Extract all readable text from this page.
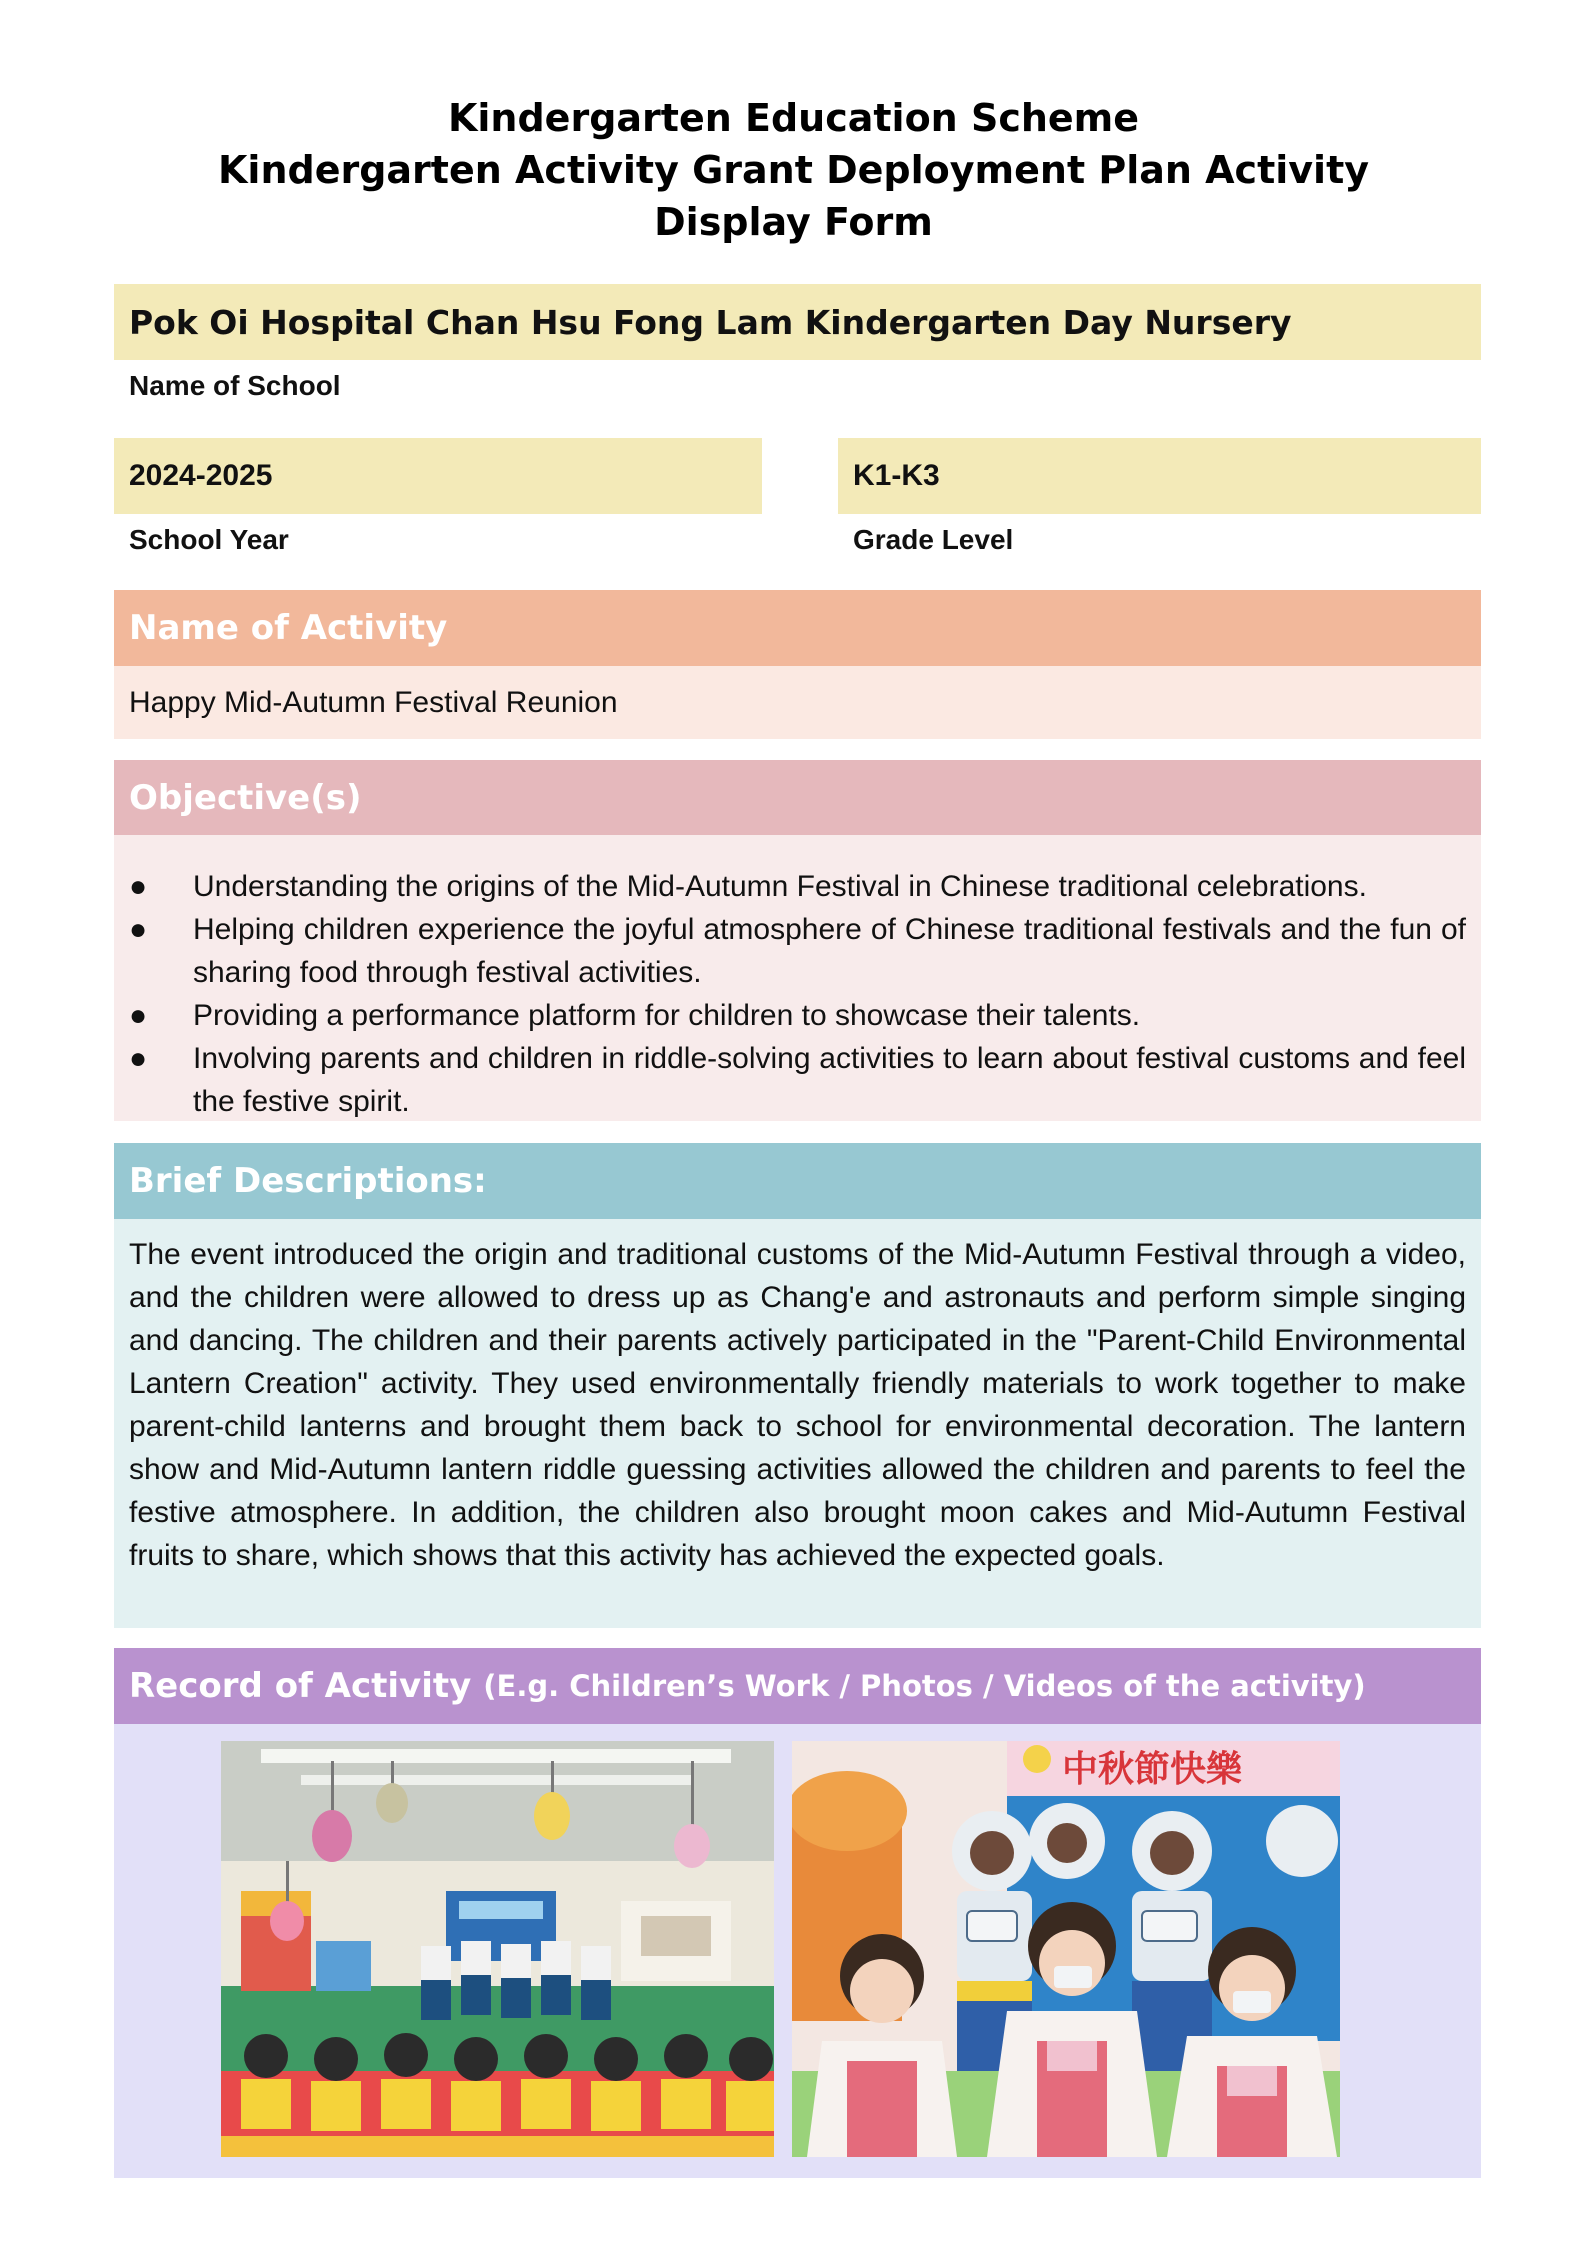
Kindergarten Education Scheme
Kindergarten Activity Grant Deployment Plan Activity
Display Form
Pok Oi Hospital Chan Hsu Fong Lam Kindergarten Day Nursery
Name of School
2024-2025
School Year
K1-K3
Grade Level
Name of Activity
Happy Mid-Autumn Festival Reunion
Objective(s)
●	Understanding the origins of the Mid-Autumn Festival in Chinese traditional celebrations.
●	Helping children experience the joyful atmosphere of Chinese traditional festivals and the fun of sharing food through festival activities.
●	Providing a performance platform for children to showcase their talents.
●	Involving parents and children in riddle-solving activities to learn about festival customs and feel the festive spirit.
Brief Descriptions:
The event introduced the origin and traditional customs of the Mid-Autumn Festival through a video, and the children were allowed to dress up as Chang'e and astronauts and perform simple singing and dancing. The children and their parents actively participated in the "Parent-Child Environmental Lantern Creation" activity. They used environmentally friendly materials to work together to make parent-child lanterns and brought them back to school for environmental decoration. The lantern show and Mid-Autumn lantern riddle guessing activities allowed the children and parents to feel the festive atmosphere. In addition, the children also brought moon cakes and Mid-Autumn Festival fruits to share, which shows that this activity has achieved the expected goals.
Record of Activity (E.g. Children’s Work / Photos / Videos of the activity)
中秋節快樂
